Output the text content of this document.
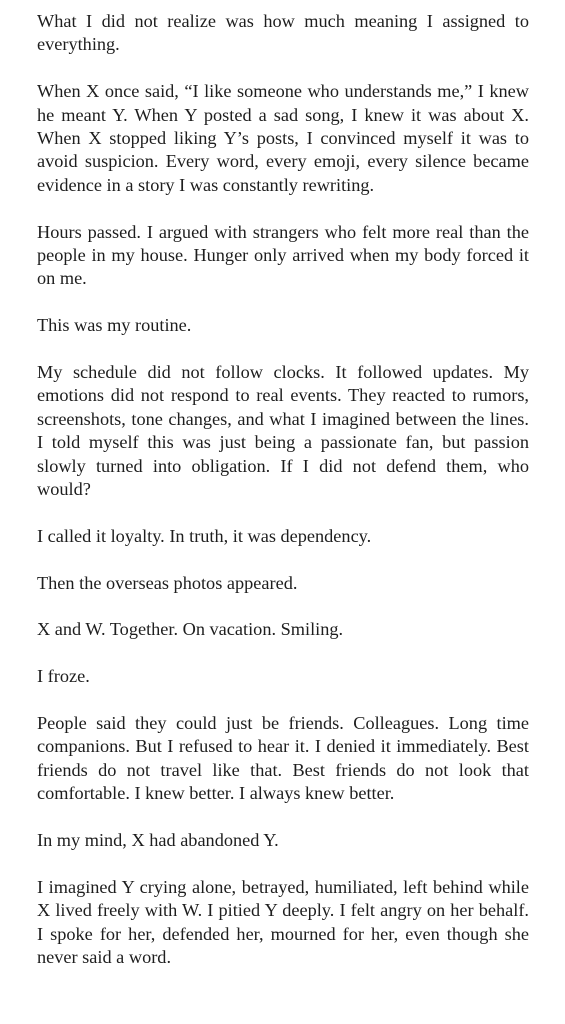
What I did not realize was how much meaning I assigned to everything.

When X once said, “I like someone who understands me,” I knew he meant Y. When Y posted a sad song, I knew it was about X. When X stopped liking Y’s posts, I convinced myself it was to avoid suspicion. Every word, every emoji, every silence became evidence in a story I was constantly rewriting.

Hours passed. I argued with strangers who felt more real than the people in my house. Hunger only arrived when my body forced it on me.

This was my routine.

My schedule did not follow clocks. It followed updates. My emotions did not respond to real events. They reacted to rumors, screenshots, tone changes, and what I imagined between the lines. I told myself this was just being a passionate fan, but passion slowly turned into obligation. If I did not defend them, who would?

I called it loyalty. In truth, it was dependency.

Then the overseas photos appeared.

X and W. Together. On vacation. Smiling.

I froze.

People said they could just be friends. Colleagues. Long time companions. But I refused to hear it. I denied it immediately. Best friends do not travel like that. Best friends do not look that comfortable. I knew better. I always knew better.

In my mind, X had abandoned Y.

I imagined Y crying alone, betrayed, humiliated, left behind while X lived freely with W. I pitied Y deeply. I felt angry on her behalf. I spoke for her, defended her, mourned for her, even though she never said a word.
